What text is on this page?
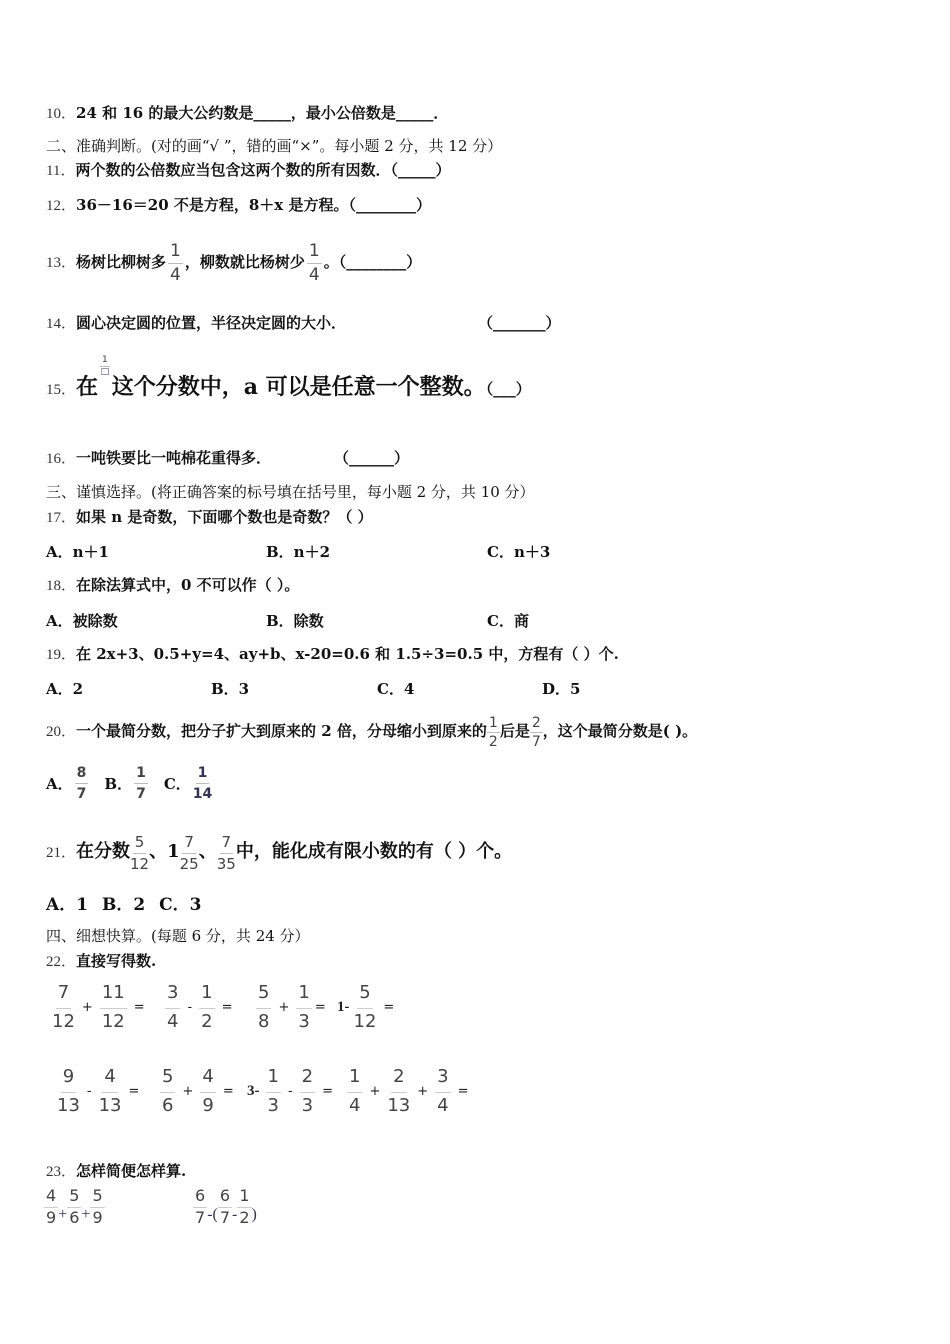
10．24 和 16 的最大公约数是_____，最小公倍数是_____．
二、准确判断。(对的画“√ ”，错的画“×”。每小题 2 分，共 12 分）
11．两个数的公倍数应当包含这两个数的所有因数．（_____）
12．36－16＝20 不是方程，8＋x 是方程。（________）
13．杨树比柳树多 $\frac{1}{4}$ ，柳数就比杨树少 $\frac{1}{4}$ 。（________）
14．圆心决定圆的位置，半径决定圆的大小．	（_______）
15．在
$\frac{1}{□}$
这个分数中，a 可以是任意一个整数。（___）
16．一吨铁要比一吨棉花重得多．	（______）
三、谨慎选择。(将正确答案的标号填在括号里，每小题 2 分，共 10 分）
17．如果 n 是奇数，下面哪个数也是奇数？（ ）
A．n＋1	B．n＋2	C．n＋3
18．在除法算式中，0 不可以作（ ）。
A．被除数	B．除数	C．商
19．在 2x+3、0.5+y=4、ay+b、x-20=0.6 和 1.5÷3=0.5 中，方程有（ ）个.
A．2	B．3	C．4	D．5
20．一个最简分数，把分子扩大到原来的 2 倍，分母缩小到原来的 $\frac{1}{2}$ 后是 $\frac{2}{7}$ ，这个最简分数是( )。
A． $\frac{8}{7}$ B． $\frac{1}{7}$ C． $\frac{1}{14}$
21．在分数 $\frac{5}{12}$ 、$1 \frac{7}{25}$ 、 $\frac{7}{35}$ 中，能化成有限小数的有（ ）个。
A．1 B．2 C．3
四、细想快算。(每题 6 分，共 24 分）
22．直接写得数.
$\frac{7}{12} + \frac{11}{12} = \frac{3}{4} - \frac{1}{2} = \frac{5}{8} + \frac{1}{3} = 1- \frac{5}{12}$ =
$\frac{9}{13} - \frac{4}{13} = \frac{5}{6} + \frac{4}{9} = 3- \frac{1}{3} - \frac{2}{3} = \frac{1}{4} + \frac{2}{13} + \frac{3}{4}$ =
23．怎样简便怎样算.
$\frac{4}{9} + \frac{5}{6} + \frac{5}{9}$	$\frac{6}{7}$ -( $\frac{6}{7} - \frac{1}{2}$ )
